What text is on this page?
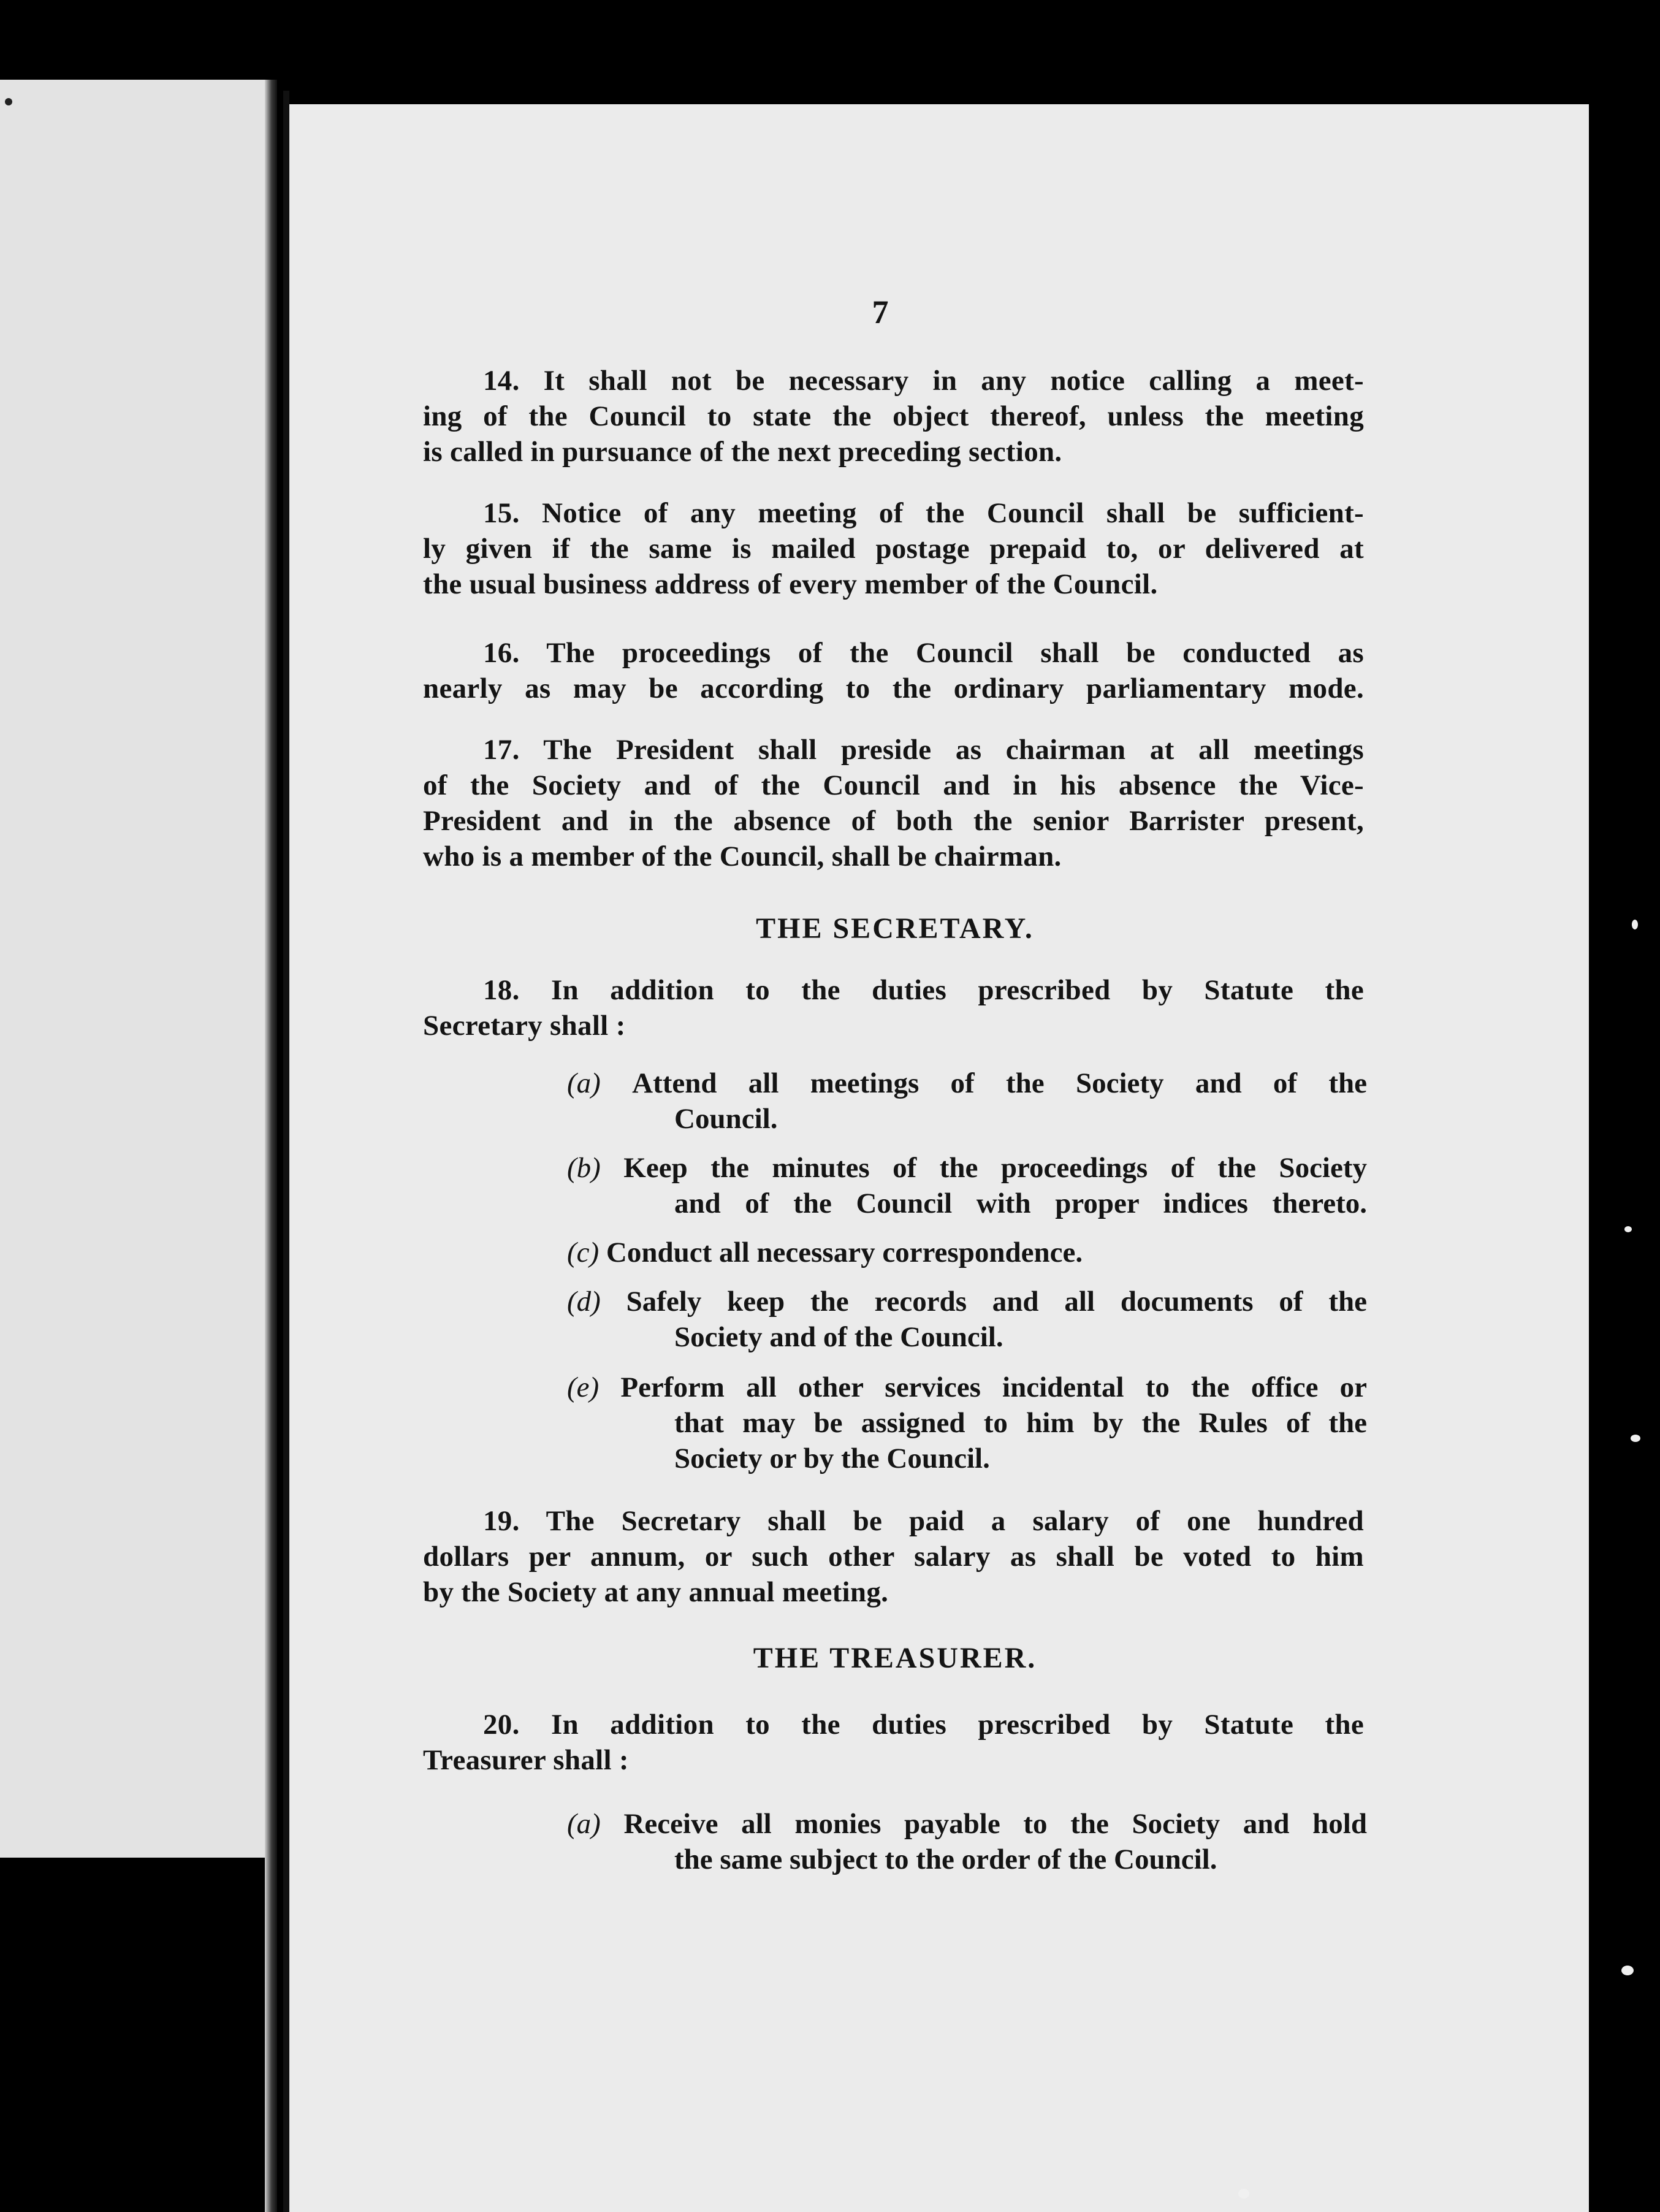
7
14. It shall not be necessary in any notice calling a meet-
ing of the Council to state the object thereof, unless the meeting
is called in pursuance of the next preceding section.
15. Notice of any meeting of the Council shall be sufficient-
ly given if the same is mailed postage prepaid to, or delivered at
the usual business address of every member of the Council.
16. The proceedings of the Council shall be conducted as
nearly as may be according to the ordinary parliamentary mode.
17. The President shall preside as chairman at all meetings
of the Society and of the Council and in his absence the Vice-
President and in the absence of both the senior Barrister present,
who is a member of the Council, shall be chairman.
THE SECRETARY.
18. In addition to the duties prescribed by Statute the
Secretary shall :
(a) Attend all meetings of the Society and of the
Council.
(b) Keep the minutes of the proceedings of the Society
and of the Council with proper indices thereto.
(c) Conduct all necessary correspondence.
(d) Safely keep the records and all documents of the
Society and of the Council.
(e) Perform all other services incidental to the office or
that may be assigned to him by the Rules of the
Society or by the Council.
19. The Secretary shall be paid a salary of one hundred
dollars per annum, or such other salary as shall be voted to him
by the Society at any annual meeting.
THE TREASURER.
20. In addition to the duties prescribed by Statute the
Treasurer shall :
(a) Receive all monies payable to the Society and hold
the same subject to the order of the Council.
